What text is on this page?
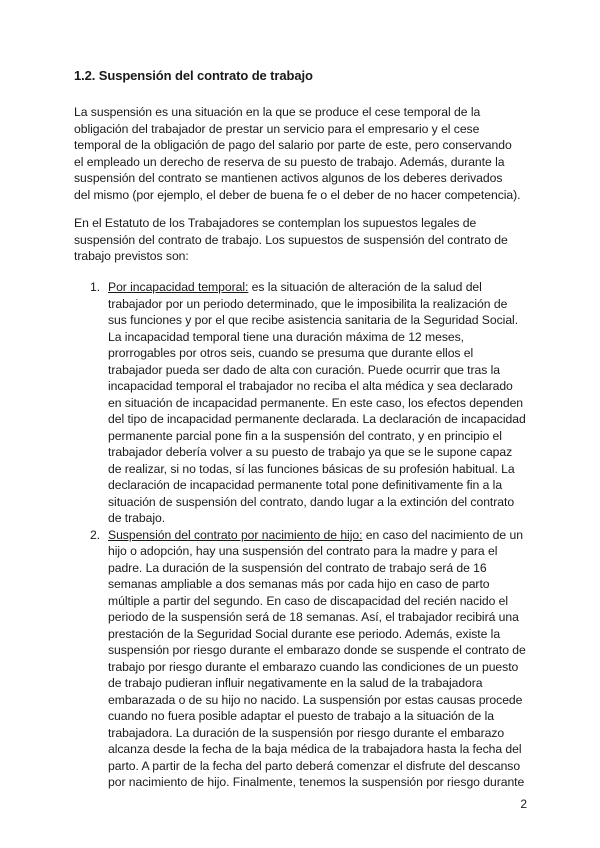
1.2. Suspensión del contrato de trabajo

La suspensión es una situación en la que se produce el cese temporal de la obligación del trabajador de prestar un servicio para el empresario y el cese temporal de la obligación de pago del salario por parte de este, pero conservando el empleado un derecho de reserva de su puesto de trabajo. Además, durante la suspensión del contrato se mantienen activos algunos de los deberes derivados del mismo (por ejemplo, el deber de buena fe o el deber de no hacer competencia).

En el Estatuto de los Trabajadores se contemplan los supuestos legales de suspensión del contrato de trabajo. Los supuestos de suspensión del contrato de trabajo previstos son:

1. Por incapacidad temporal: es la situación de alteración de la salud del trabajador por un periodo determinado, que le imposibilita la realización de sus funciones y por el que recibe asistencia sanitaria de la Seguridad Social. La incapacidad temporal tiene una duración máxima de 12 meses, prorrogables por otros seis, cuando se presuma que durante ellos el trabajador pueda ser dado de alta con curación. Puede ocurrir que tras la incapacidad temporal el trabajador no reciba el alta médica y sea declarado en situación de incapacidad permanente. En este caso, los efectos dependen del tipo de incapacidad permanente declarada. La declaración de incapacidad permanente parcial pone fin a la suspensión del contrato, y en principio el trabajador debería volver a su puesto de trabajo ya que se le supone capaz de realizar, si no todas, sí las funciones básicas de su profesión habitual. La declaración de incapacidad permanente total pone definitivamente fin a la situación de suspensión del contrato, dando lugar a la extinción del contrato de trabajo.
2. Suspensión del contrato por nacimiento de hijo: en caso del nacimiento de un hijo o adopción, hay una suspensión del contrato para la madre y para el padre. La duración de la suspensión del contrato de trabajo será de 16 semanas ampliable a dos semanas más por cada hijo en caso de parto múltiple a partir del segundo. En caso de discapacidad del recién nacido el periodo de la suspensión será de 18 semanas. Así, el trabajador recibirá una prestación de la Seguridad Social durante ese periodo. Además, existe la suspensión por riesgo durante el embarazo donde se suspende el contrato de trabajo por riesgo durante el embarazo cuando las condiciones de un puesto de trabajo pudieran influir negativamente en la salud de la trabajadora embarazada o de su hijo no nacido. La suspensión por estas causas procede cuando no fuera posible adaptar el puesto de trabajo a la situación de la trabajadora. La duración de la suspensión por riesgo durante el embarazo alcanza desde la fecha de la baja médica de la trabajadora hasta la fecha del parto. A partir de la fecha del parto deberá comenzar el disfrute del descanso por nacimiento de hijo. Finalmente, tenemos la suspensión por riesgo durante
2
